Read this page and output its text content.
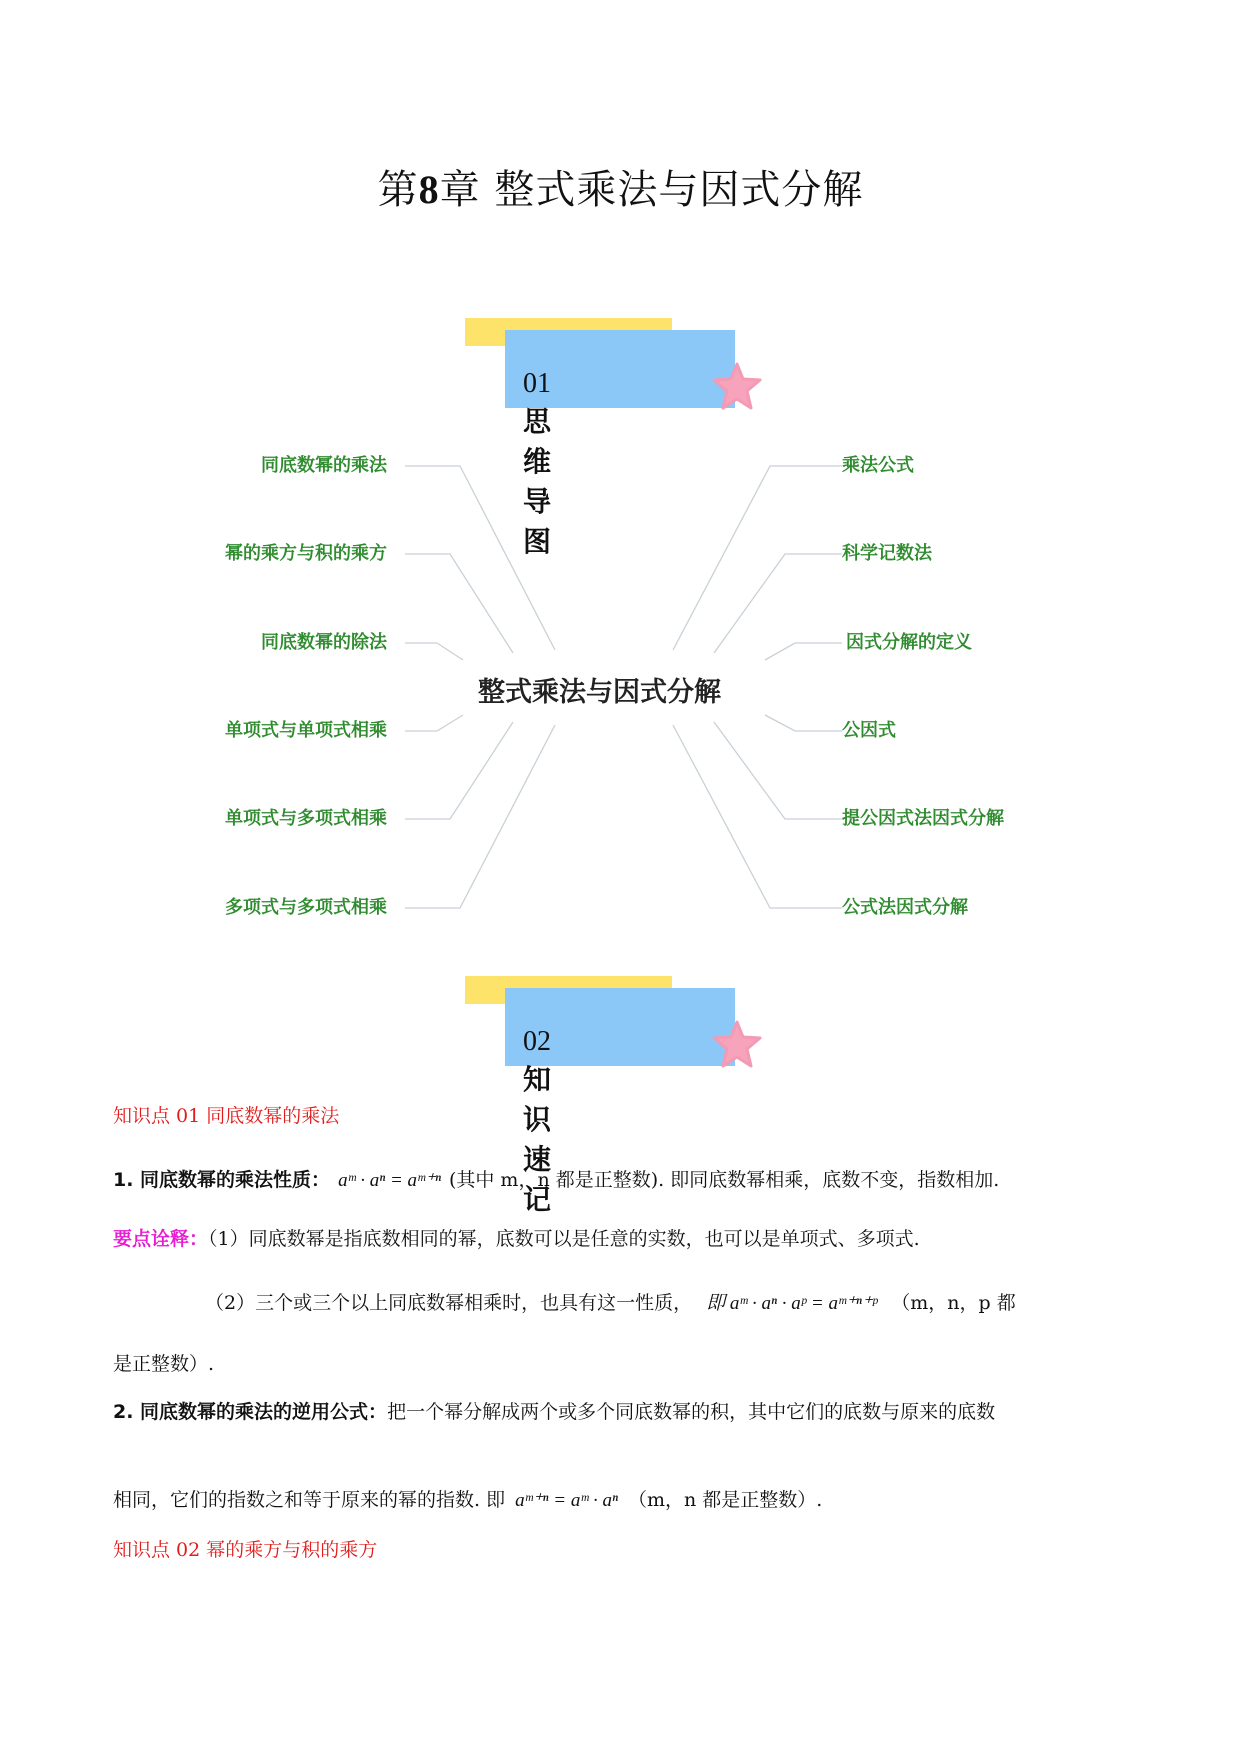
第8章 整式乘法与因式分解
01思维导图
整式乘法与因式分解
同底数幂的乘法
幂的乘方与积的乘方
同底数幂的除法
单项式与单项式相乘
单项式与多项式相乘
多项式与多项式相乘
乘法公式
科学记数法
因式分解的定义
公因式
提公因式法因式分解
公式法因式分解
02知识速记
知识点 01 同底数幂的乘法
1. 同底数幂的乘法性质： aᵐ · aⁿ = aᵐ⁺ⁿ (其中 m，n 都是正整数). 即同底数幂相乘，底数不变，指数相加.
要点诠释：（1）同底数幂是指底数相同的幂，底数可以是任意的实数，也可以是单项式、多项式.
（2）三个或三个以上同底数幂相乘时，也具有这一性质， 即 aᵐ · aⁿ · aᵖ = aᵐ⁺ⁿ⁺ᵖ （m，n，p 都
是正整数）.
2. 同底数幂的乘法的逆用公式：把一个幂分解成两个或多个同底数幂的积，其中它们的底数与原来的底数
相同，它们的指数之和等于原来的幂的指数. 即 aᵐ⁺ⁿ = aᵐ · aⁿ （m，n 都是正整数）.
知识点 02 幂的乘方与积的乘方
